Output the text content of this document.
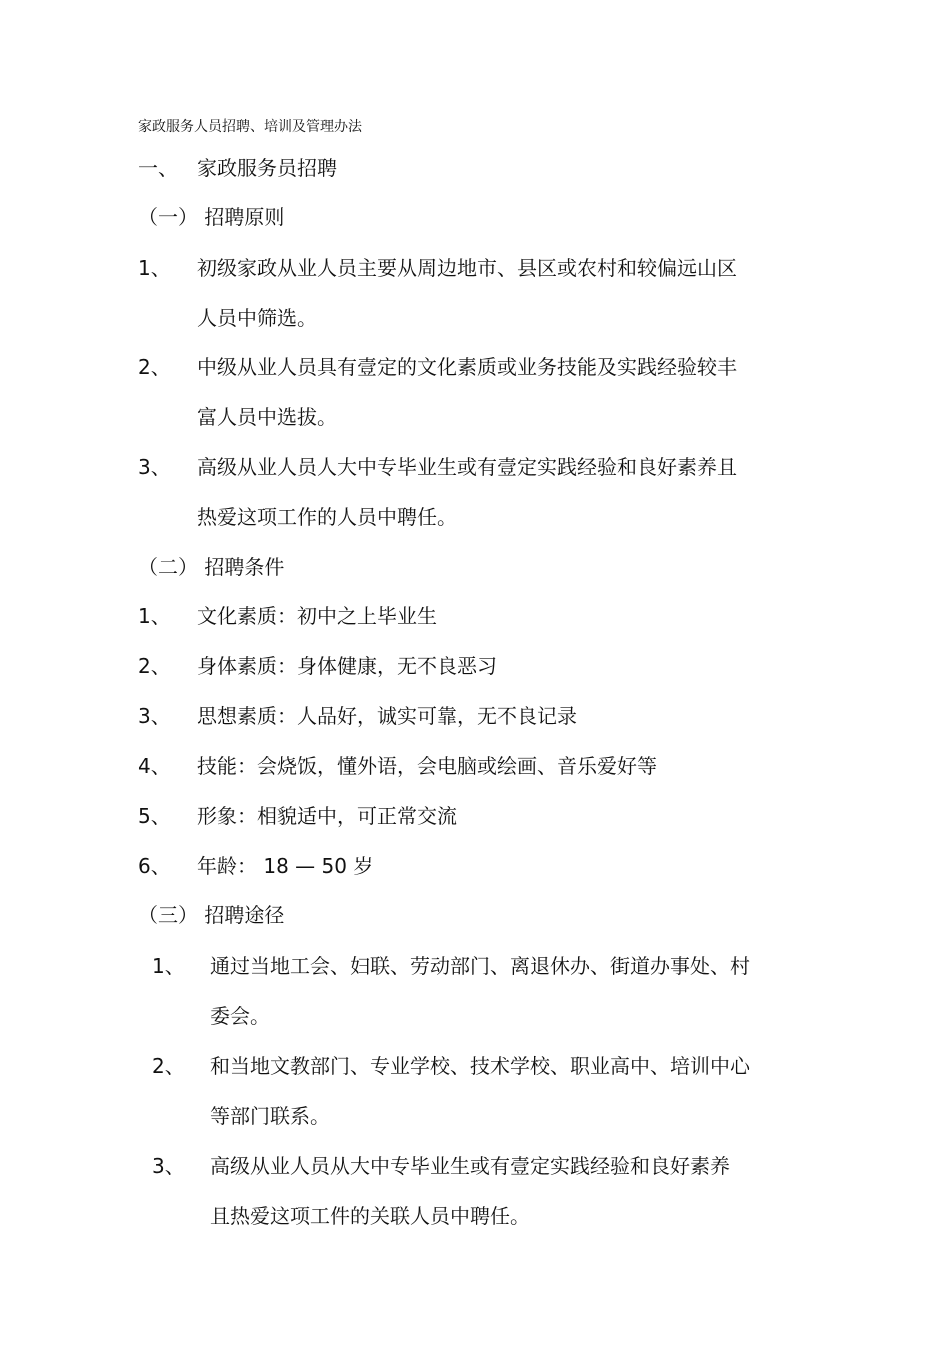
家政服务人员招聘、培训及管理办法
一、 家政服务员招聘
（一） 招聘原则
1、 初级家政从业人员主要从周边地市、县区或农村和较偏远山区
人员中筛选。
2、 中级从业人员具有壹定的文化素质或业务技能及实践经验较丰
富人员中选拔。
3、 高级从业人员人大中专毕业生或有壹定实践经验和良好素养且
热爱这项工作的人员中聘任。
（二） 招聘条件
1、 文化素质：初中之上毕业生
2、 身体素质：身体健康，无不良恶习
3、 思想素质：人品好，诚实可靠，无不良记录
4、 技能：会烧饭，懂外语，会电脑或绘画、音乐爱好等
5、 形象：相貌适中，可正常交流
6、 年龄： 18 — 50 岁
（三） 招聘途径
1、 通过当地工会、妇联、劳动部门、离退休办、街道办事处、村
委会。
2、 和当地文教部门、专业学校、技术学校、职业高中、培训中心
等部门联系。
3、 高级从业人员从大中专毕业生或有壹定实践经验和良好素养
且热爱这项工件的关联人员中聘任。
